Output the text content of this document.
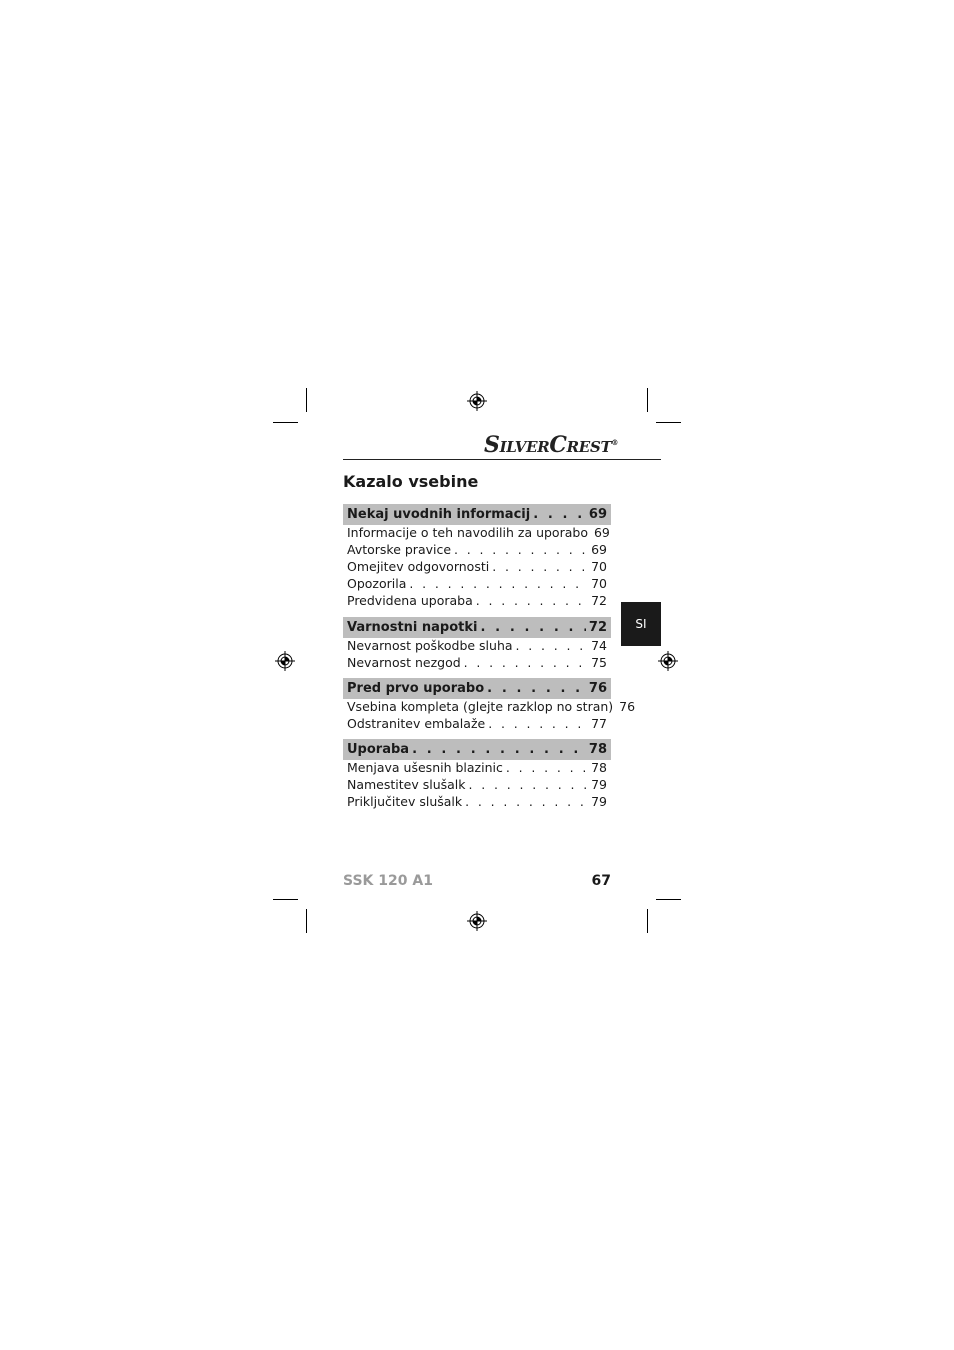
SILVERCREST®
Kazalo vsebine
Nekaj uvodnih informacij . . .	69
Informacije o teh navodilih za uporabo 69
Avtorske pravice . . .	69
Omejitev odgovornosti . . .	70
Opozorila . . .	70
Predvidena uporaba . . .	72
Varnostni napotki . . .	72
Nevarnost poškodbe sluha . . .	74
Nevarnost nezgod . . .	75
Pred prvo uporabo . . .	76
Vsebina kompleta (glejte razklop no stran) 76
Odstranitev embalaže . . .	77
Uporaba . . .	78
Menjava ušesnih blazinic . . .	78
Namestitev slušalk . . .	79
Priključitev slušalk . . .	79
SI
SSK 120 A1	67
